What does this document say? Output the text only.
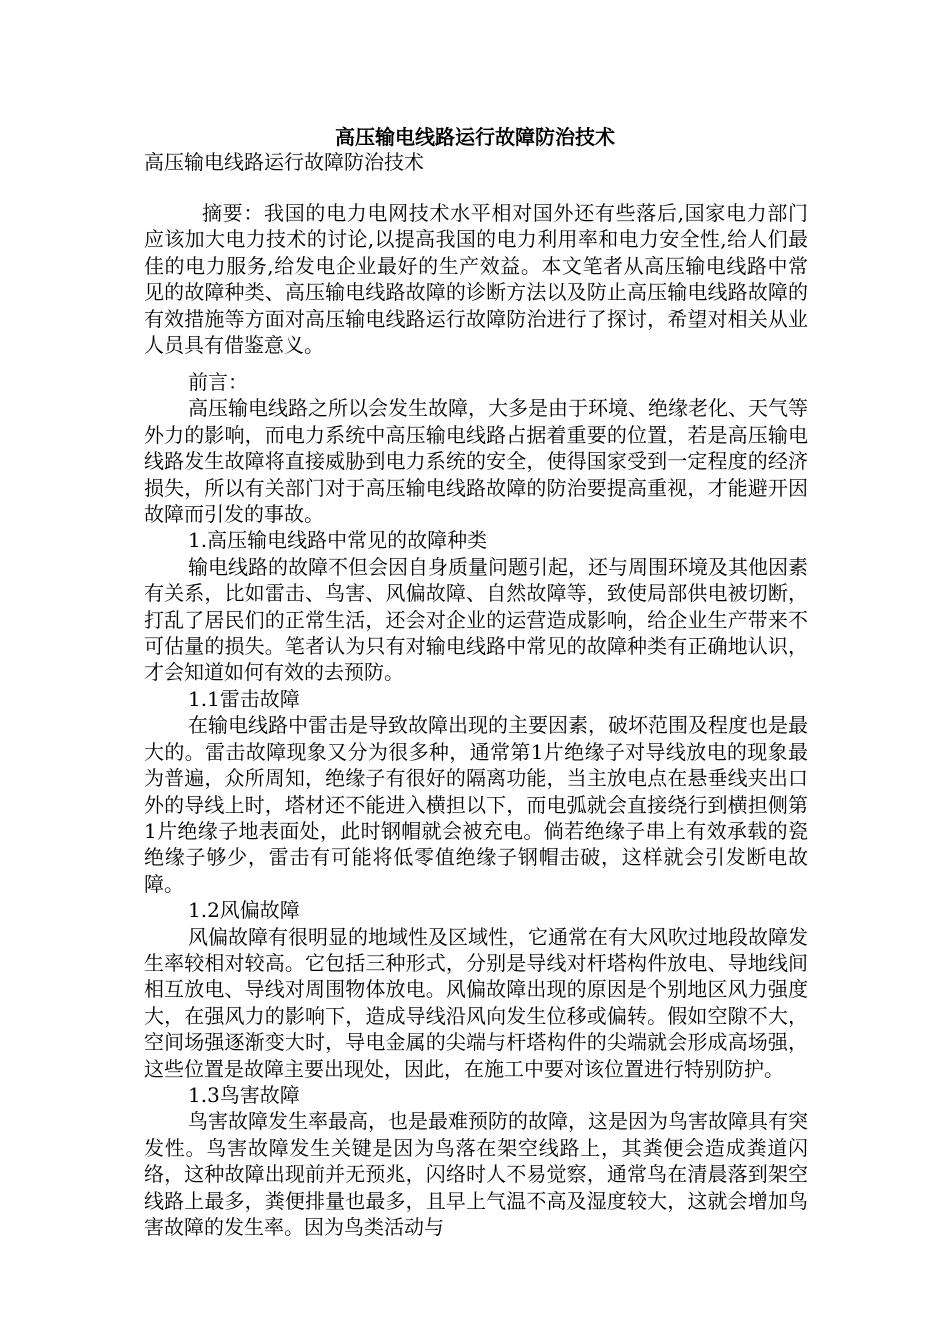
高压输电线路运行故障防治技术

高压输电线路运行故障防治技术

摘要：我国的电力电网技术水平相对国外还有些落后,国家电力部门应该加大电力技术的讨论,以提高我国的电力利用率和电力安全性,给人们最佳的电力服务,给发电企业最好的生产效益。本文笔者从高压输电线路中常见的故障种类、高压输电线路故障的诊断方法以及防止高压输电线路故障的有效措施等方面对高压输电线路运行故障防治进行了探讨，希望对相关从业人员具有借鉴意义。

前言：

高压输电线路之所以会发生故障，大多是由于环境、绝缘老化、天气等外力的影响，而电力系统中高压输电线路占据着重要的位置，若是高压输电线路发生故障将直接威胁到电力系统的安全，使得国家受到一定程度的经济损失，所以有关部门对于高压输电线路故障的防治要提高重视，才能避开因故障而引发的事故。

1.高压输电线路中常见的故障种类

输电线路的故障不但会因自身质量问题引起，还与周围环境及其他因素有关系，比如雷击、鸟害、风偏故障、自然故障等，致使局部供电被切断，打乱了居民们的正常生活，还会对企业的运营造成影响，给企业生产带来不可估量的损失。笔者认为只有对输电线路中常见的故障种类有正确地认识，才会知道如何有效的去预防。

1.1雷击故障

在输电线路中雷击是导致故障出现的主要因素，破坏范围及程度也是最大的。雷击故障现象又分为很多种，通常第1片绝缘子对导线放电的现象最为普遍，众所周知，绝缘子有很好的隔离功能，当主放电点在悬垂线夹出口外的导线上时，塔材还不能进入横担以下，而电弧就会直接绕行到横担侧第1片绝缘子地表面处，此时钢帽就会被充电。倘若绝缘子串上有效承载的瓷绝缘子够少，雷击有可能将低零值绝缘子钢帽击破，这样就会引发断电故障。

1.2风偏故障

风偏故障有很明显的地域性及区域性，它通常在有大风吹过地段故障发生率较相对较高。它包括三种形式，分别是导线对杆塔构件放电、导地线间相互放电、导线对周围物体放电。风偏故障出现的原因是个别地区风力强度大，在强风力的影响下，造成导线沿风向发生位移或偏转。假如空隙不大，空间场强逐渐变大时，导电金属的尖端与杆塔构件的尖端就会形成高场强，这些位置是故障主要出现处，因此，在施工中要对该位置进行特别防护。

1.3鸟害故障

鸟害故障发生率最高，也是最难预防的故障，这是因为鸟害故障具有突发性。鸟害故障发生关键是因为鸟落在架空线路上，其粪便会造成粪道闪络，这种故障出现前并无预兆，闪络时人不易觉察，通常鸟在清晨落到架空线路上最多，粪便排量也最多，且早上气温不高及湿度较大，这就会增加鸟害故障的发生率。因为鸟类活动与
